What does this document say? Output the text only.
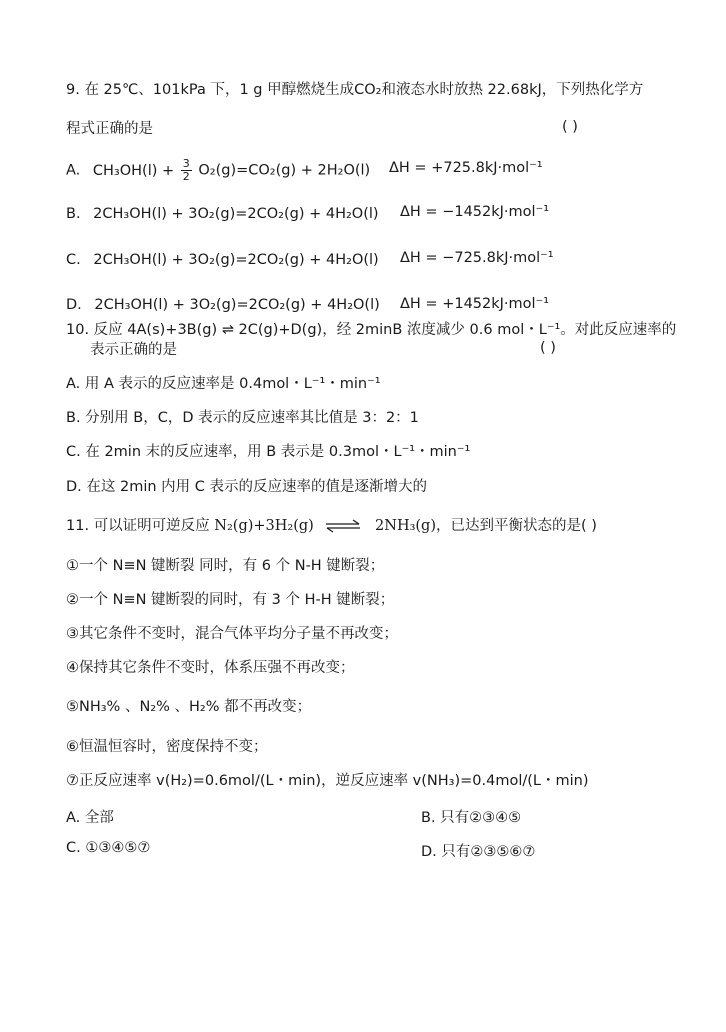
9. 在 25℃、101kPa 下，1 g 甲醇燃烧生成CO₂和液态水时放热 22.68kJ，下列热化学方
程式正确的是	( )
A. $CH_3OH(l) + \frac{3}{2} O_2(g)=CO_2(g) + 2H_2O(l) \Delta H = +725.8kJ\cdot mol^{-1}$
B. 2CH₃OH(l) + 3O₂(g)=2CO₂(g) + 4H₂O(l) ΔH = −1452kJ·mol⁻¹
C. 2CH₃OH(l) + 3O₂(g)=2CO₂(g) + 4H₂O(l) ΔH = −725.8kJ·mol⁻¹
D. 2CH₃OH(l) + 3O₂(g)=2CO₂(g) + 4H₂O(l) ΔH = +1452kJ·mol⁻¹
10. 反应 4A(s)+3B(g) ⇌ 2C(g)+D(g)，经 2minB 浓度减少 0.6 mol・L⁻¹。对此反应速率的
表示正确的是	( )
A. 用 A 表示的反应速率是 0.4mol・L⁻¹・min⁻¹
B. 分别用 B，C，D 表示的反应速率其比值是 3：2：1
C. 在 2min 末的反应速率，用 B 表示是 0.3mol・L⁻¹・min⁻¹
D. 在这 2min 内用 C 表示的反应速率的值是逐渐增大的
11. 可以证明可逆反应 N₂(g)+3H₂(g) ⇌ 2NH₃(g)，已达到平衡状态的是( )
①一个 N≡N 键断裂 同时，有 6 个 N-H 键断裂；
②一个 N≡N 键断裂的同时，有 3 个 H-H 键断裂；
③其它条件不变时，混合气体平均分子量不再改变；
④保持其它条件不变时，体系压强不再改变；
⑤NH₃% 、N₂% 、H₂% 都不再改变；
⑥恒温恒容时，密度保持不变；
⑦正反应速率 v(H₂)=0.6mol/(L・min)，逆反应速率 v(NH₃)=0.4mol/(L・min)
A. 全部	B. 只有②③④⑤
C. ①③④⑤⑦	D. 只有②③⑤⑥⑦
